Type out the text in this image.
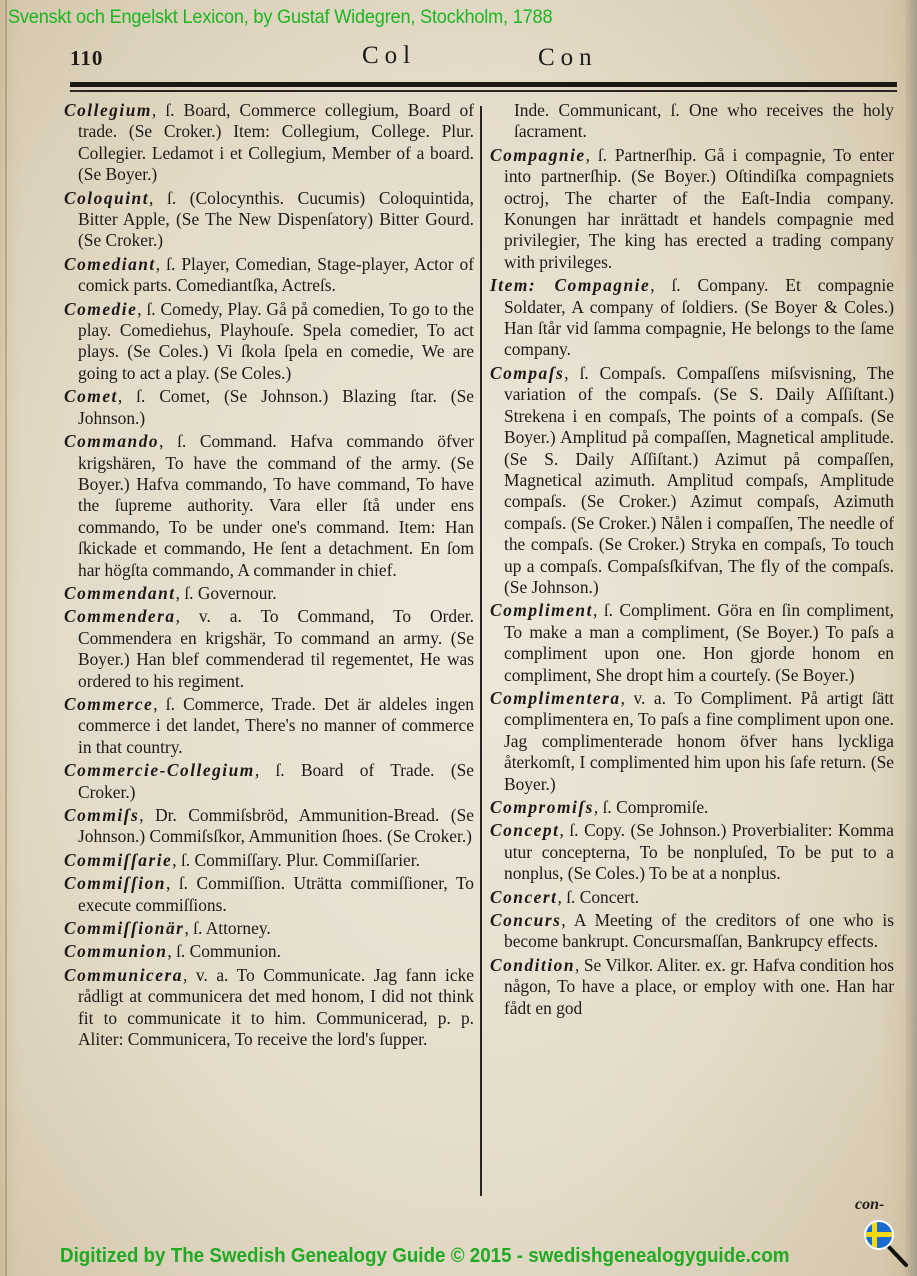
Svenskt och Engelskt Lexicon, by Gustaf Widegren, Stockholm, 1788
110	Col	Con

Collegium, ſ. Board, Commerce collegium, Board of trade. (Se Croker.) Item: Collegium, College. Plur. Collegier. Ledamot i et Collegium, Member of a board. (Se Boyer.)

Coloquint, ſ. (Colocynthis. Cucumis) Coloquintida, Bitter Apple, (Se The New Dispenſatory) Bitter Gourd. (Se Croker.)

Comediant, ſ. Player, Comedian, Stage-player, Actor of comick parts. Comediantſka, Actreſs.

Comedie, ſ. Comedy, Play. Gå på comedien, To go to the play. Comediehus, Playhouſe. Spela comedier, To act plays. (Se Coles.) Vi ſkola ſpela en comedie, We are going to act a play. (Se Coles.)

Comet, ſ. Comet, (Se Johnson.) Blazing ſtar. (Se Johnson.)

Commando, ſ. Command. Hafva commando öfver krigshären, To have the command of the army. (Se Boyer.) Hafva commando, To have command, To have the ſupreme authority. Vara eller ſtå under ens commando, To be under one's command. Item: Han ſkickade et commando, He ſent a detachment. En ſom har högſta commando, A commander in chief.

Commendant, ſ. Governour.

Commendera, v. a. To Command, To Order. Commendera en krigshär, To command an army. (Se Boyer.) Han blef commenderad til regementet, He was ordered to his regiment.

Commerce, ſ. Commerce, Trade. Det är aldeles ingen commerce i det landet, There's no manner of commerce in that country.

Commercie-Collegium, ſ. Board of Trade. (Se Croker.)

Commiſs, Dr. Commiſsbröd, Ammunition-Bread. (Se Johnson.) Commiſsſkor, Ammunition ſhoes. (Se Croker.)

Commiſſarie, ſ. Commiſſary. Plur. Commiſſarier.

Commiſſion, ſ. Commiſſion. Uträtta commiſſioner, To execute commiſſions.

Commiſſionär, ſ. Attorney.

Communion, ſ. Communion.

Communicera, v. a. To Communicate. Jag fann icke rådligt at communicera det med honom, I did not think fit to communicate it to him. Communicerad, p. p. Aliter: Communicera, To receive the lord's ſupper.

Inde. Communicant, ſ. One who receives the holy ſacrament.

Compagnie, ſ. Partnerſhip. Gå i compagnie, To enter into partnerſhip. (Se Boyer.) Oſtindiſka compagniets octroj, The charter of the Eaſt-India company. Konungen har inrättadt et handels compagnie med privilegier, The king has erected a trading company with privileges.

Item: Compagnie, ſ. Company. Et compagnie Soldater, A company of ſoldiers. (Se Boyer & Coles.) Han ſtår vid ſamma compagnie, He belongs to the ſame company.

Compaſs, ſ. Compaſs. Compaſſens miſsvisning, The variation of the compaſs. (Se S. Daily Aſſiſtant.) Strekena i en compaſs, The points of a compaſs. (Se Boyer.) Amplitud på compaſſen, Magnetical amplitude. (Se S. Daily Aſſiſtant.) Azimut på compaſſen, Magnetical azimuth. Amplitud compaſs, Amplitude compaſs. (Se Croker.) Azimut compaſs, Azimuth compaſs. (Se Croker.) Nålen i compaſſen, The needle of the compaſs. (Se Croker.) Stryka en compaſs, To touch up a compaſs. Compaſsſkifvan, The fly of the compaſs. (Se Johnson.)

Compliment, ſ. Compliment. Göra en ſin compliment, To make a man a compliment, (Se Boyer.) To paſs a compliment upon one. Hon gjorde honom en compliment, She dropt him a courteſy. (Se Boyer.)

Complimentera, v. a. To Compliment. På artigt ſätt complimentera en, To paſs a fine compliment upon one. Jag complimenterade honom öfver hans lyckliga återkomſt, I complimented him upon his ſafe return. (Se Boyer.)

Compromiſs, ſ. Compromiſe.

Concept, ſ. Copy. (Se Johnson.) Proverbialiter: Komma utur concepterna, To be nonpluſed, To be put to a nonplus, (Se Coles.) To be at a nonplus.

Concert, ſ. Concert.

Concurs, A Meeting of the creditors of one who is become bankrupt. Concursmaſſan, Bankrupcy effects.

Condition, Se Vilkor. Aliter. ex. gr. Hafva condition hos någon, To have a place, or employ with one. Han har fådt en god

con-
Digitized by The Swedish Genealogy Guide © 2015 - swedishgenealogyguide.com
